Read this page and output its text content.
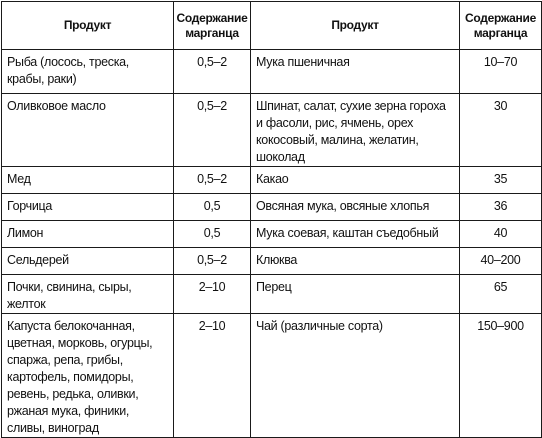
Продукт	Содержание марганца	Продукт	Содержание марганца
Рыба (лосось, треска, крабы, раки)	0,5–2	Мука пшеничная	10–70
Оливковое масло	0,5–2	Шпинат, салат, сухие зерна гороха и фасоли, рис, ячмень, орех кокосовый, малина, желатин, шоколад	30
Мед	0,5–2	Какао	35
Горчица	0,5	Овсяная мука, овсяные хлопья	36
Лимон	0,5	Мука соевая, каштан съедобный	40
Сельдерей	0,5–2	Клюква	40–200
Почки, свинина, сыры, желток	2–10	Перец	65
Капуста белокочанная, цветная, морковь, огурцы, спаржа, репа, грибы, картофель, помидоры, ревень, редька, оливки, ржаная мука, финики, сливы, виноград	2–10	Чай (различные сорта)	150–900
